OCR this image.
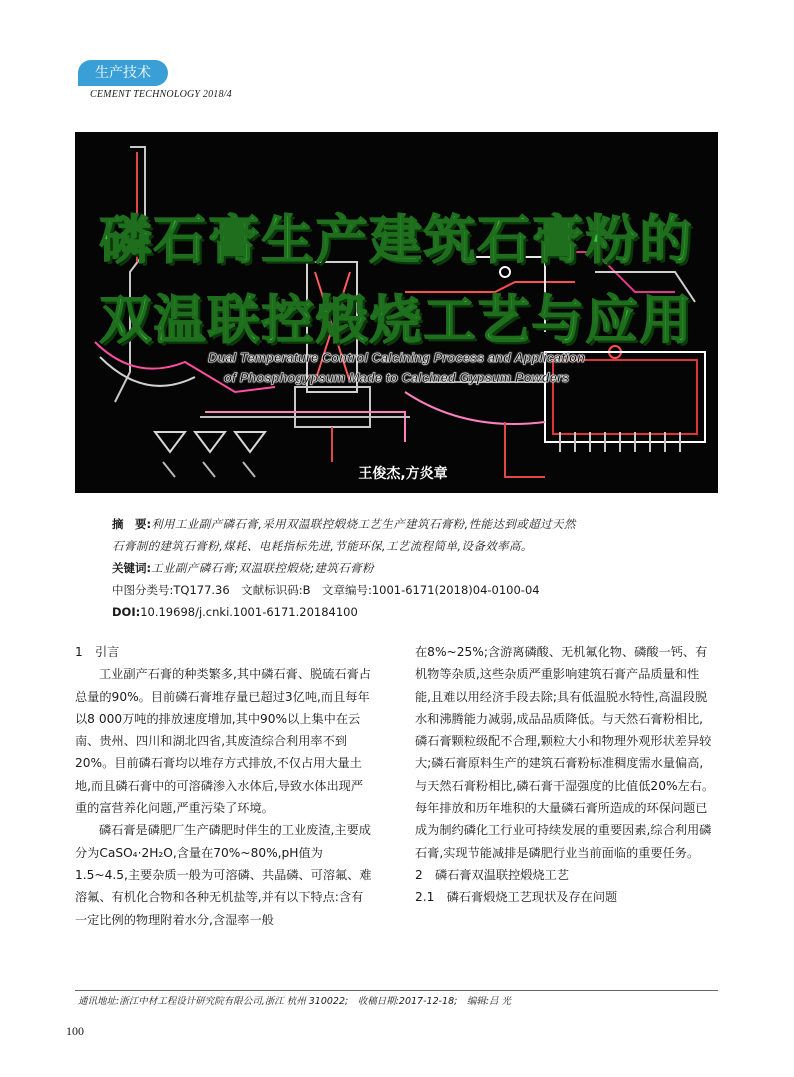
生产技术
CEMENT TECHNOLOGY 2018/4
磷石膏生产建筑石膏粉的
双温联控煅烧工艺与应用
Dual Temperature Control Calcining Process and Application
of Phosphogypsum Made to Calcined Gypsum Powders
王俊杰,方炎章
摘　要:利用工业副产磷石膏,采用双温联控煅烧工艺生产建筑石膏粉,性能达到或超过天然
石膏制的建筑石膏粉,煤耗、电耗指标先进,节能环保,工艺流程简单,设备效率高。
关键词:工业副产磷石膏;双温联控煅烧;建筑石膏粉
中图分类号:TQ177.36　文献标识码:B　文章编号:1001-6171(2018)04-0100-04
DOI:10.19698/j.cnki.1001-6171.20184100

1　引言

工业副产石膏的种类繁多,其中磷石膏、脱硫石膏占总量的90%。目前磷石膏堆存量已超过3亿吨,而且每年以8 000万吨的排放速度增加,其中90%以上集中在云南、贵州、四川和湖北四省,其废渣综合利用率不到20%。目前磷石膏均以堆存方式排放,不仅占用大量土地,而且磷石膏中的可溶磷渗入水体后,导致水体出现严重的富营养化问题,严重污染了环境。

磷石膏是磷肥厂生产磷肥时伴生的工业废渣,主要成分为CaSO₄·2H₂O,含量在70%~80%,pH值为1.5~4.5,主要杂质一般为可溶磷、共晶磷、可溶氟、难溶氟、有机化合物和各种无机盐等,并有以下特点:含有一定比例的物理附着水分,含湿率一般

在8%~25%;含游离磷酸、无机氟化物、磷酸一钙、有机物等杂质,这些杂质严重影响建筑石膏产品质量和性能,且难以用经济手段去除;具有低温脱水特性,高温段脱水和沸腾能力减弱,成品品质降低。与天然石膏粉相比,磷石膏颗粒级配不合理,颗粒大小和物理外观形状差异较大;磷石膏原料生产的建筑石膏粉标准稠度需水量偏高,与天然石膏粉相比,磷石膏干湿强度的比值低20%左右。每年排放和历年堆积的大量磷石膏所造成的环保问题已成为制约磷化工行业可持续发展的重要因素,综合利用磷石膏,实现节能减排是磷肥行业当前面临的重要任务。

2　磷石膏双温联控煅烧工艺

2.1　磷石膏煅烧工艺现状及存在问题

通讯地址:浙江中材工程设计研究院有限公司,浙江 杭州 310022;　收稿日期:2017-12-18;　编辑:吕 光
100
